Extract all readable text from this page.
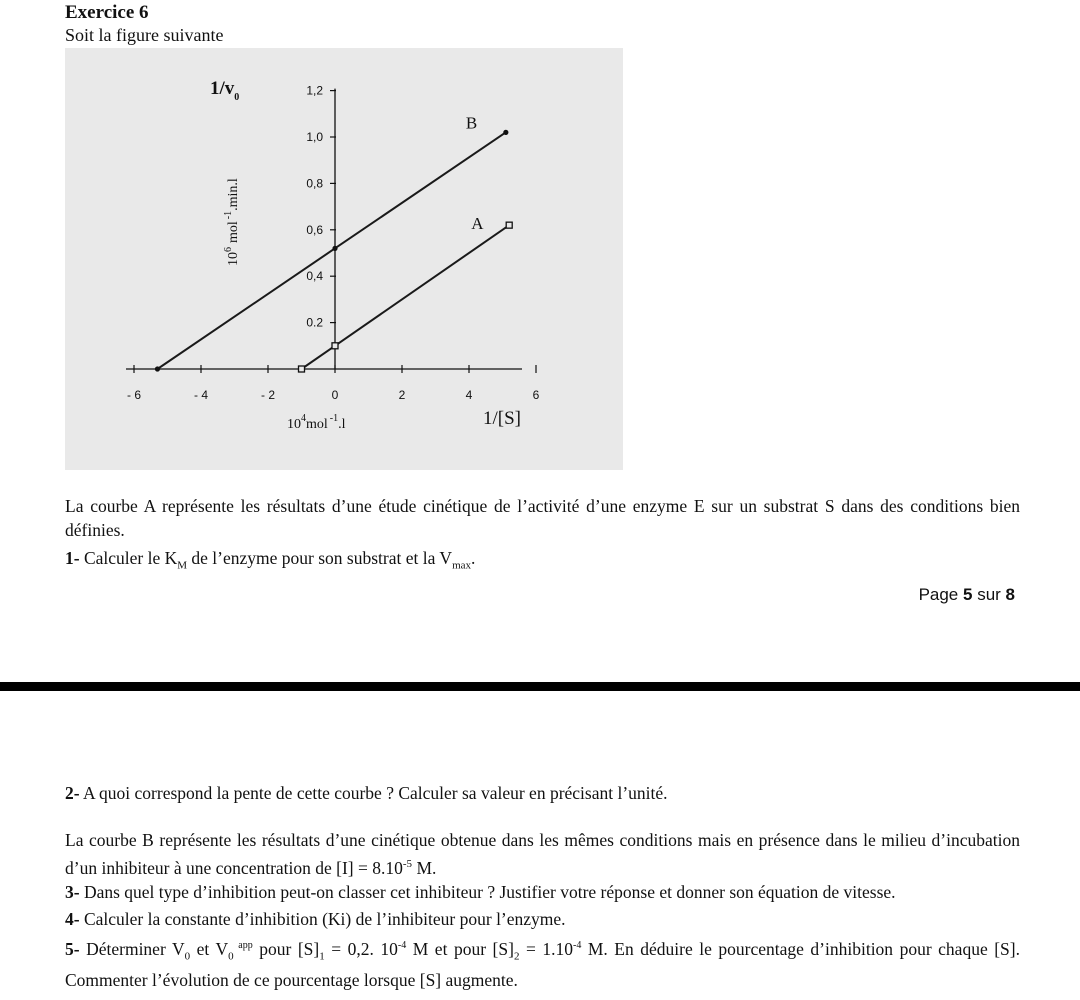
Exercice 6
Soit la figure suivante
- 6	- 4	- 2	0	2	4	6
0.2
0,4
0,6
0,8
1,0
1,2
B
A
$1/v_0$
$10^6mol^{-1}.\min.l$
$10^4mol$ $^{-1}$.l	1/[S]
La courbe A représente les résultats d’une étude cinétique de l’activité d’une enzyme E sur un substrat S dans des conditions bien définies.
1- Calculer le $K_M$ de l’enzyme pour son substrat et la $V_{max}$.
Page 5 sur 8
2- A quoi correspond la pente de cette courbe ? Calculer sa valeur en précisant l’unité.
La courbe B représente les résultats d’une cinétique obtenue dans les mêmes conditions mais en présence dans le milieu d’incubation d’un inhibiteur à une concentration de $[I] = 8.10^{-5}$ M.
3- Dans quel type d’inhibition peut-on classer cet inhibiteur ? Justifier votre réponse et donner son équation de vitesse.
4- Calculer la constante d’inhibition (Ki) de l’inhibiteur pour l’enzyme.
5- Déterminer $V_0$ et $V_0$ $^{app}$ pour $[S]_1 = 0,2$. $10^{-4}$ M et pour $[S]_2 = 1.10^{-4}$ M. En déduire le pourcentage d’inhibition pour chaque [S]. Commenter l’évolution de ce pourcentage lorsque [S] augmente.
